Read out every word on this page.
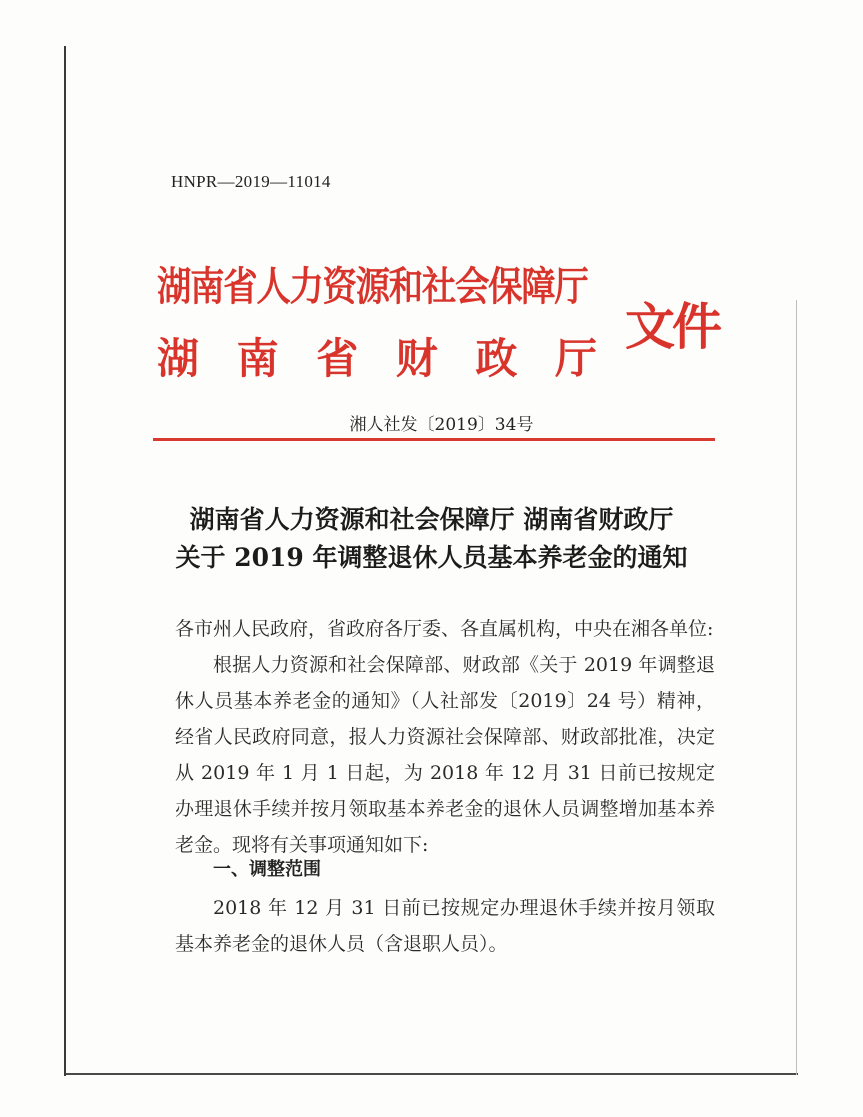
HNPR—2019—11014
湖南省人力资源和社会保障厅
湖 南 省 财 政 厅
文件
湘人社发〔2019〕34号
湖南省人力资源和社会保障厅 湖南省财政厅
关于 2019 年调整退休人员基本养老金的通知
各市州人民政府，省政府各厅委、各直属机构，中央在湘各单位:
根据人力资源和社会保障部、财政部《关于 2019 年调整退休人员基本养老金的通知》（人社部发〔2019〕24 号）精神，经省人民政府同意，报人力资源社会保障部、财政部批准，决定从 2019 年 1 月 1 日起，为 2018 年 12 月 31 日前已按规定办理退休手续并按月领取基本养老金的退休人员调整增加基本养老金。现将有关事项通知如下:
一、调整范围
2018 年 12 月 31 日前已按规定办理退休手续并按月领取基本养老金的退休人员（含退职人员）。
